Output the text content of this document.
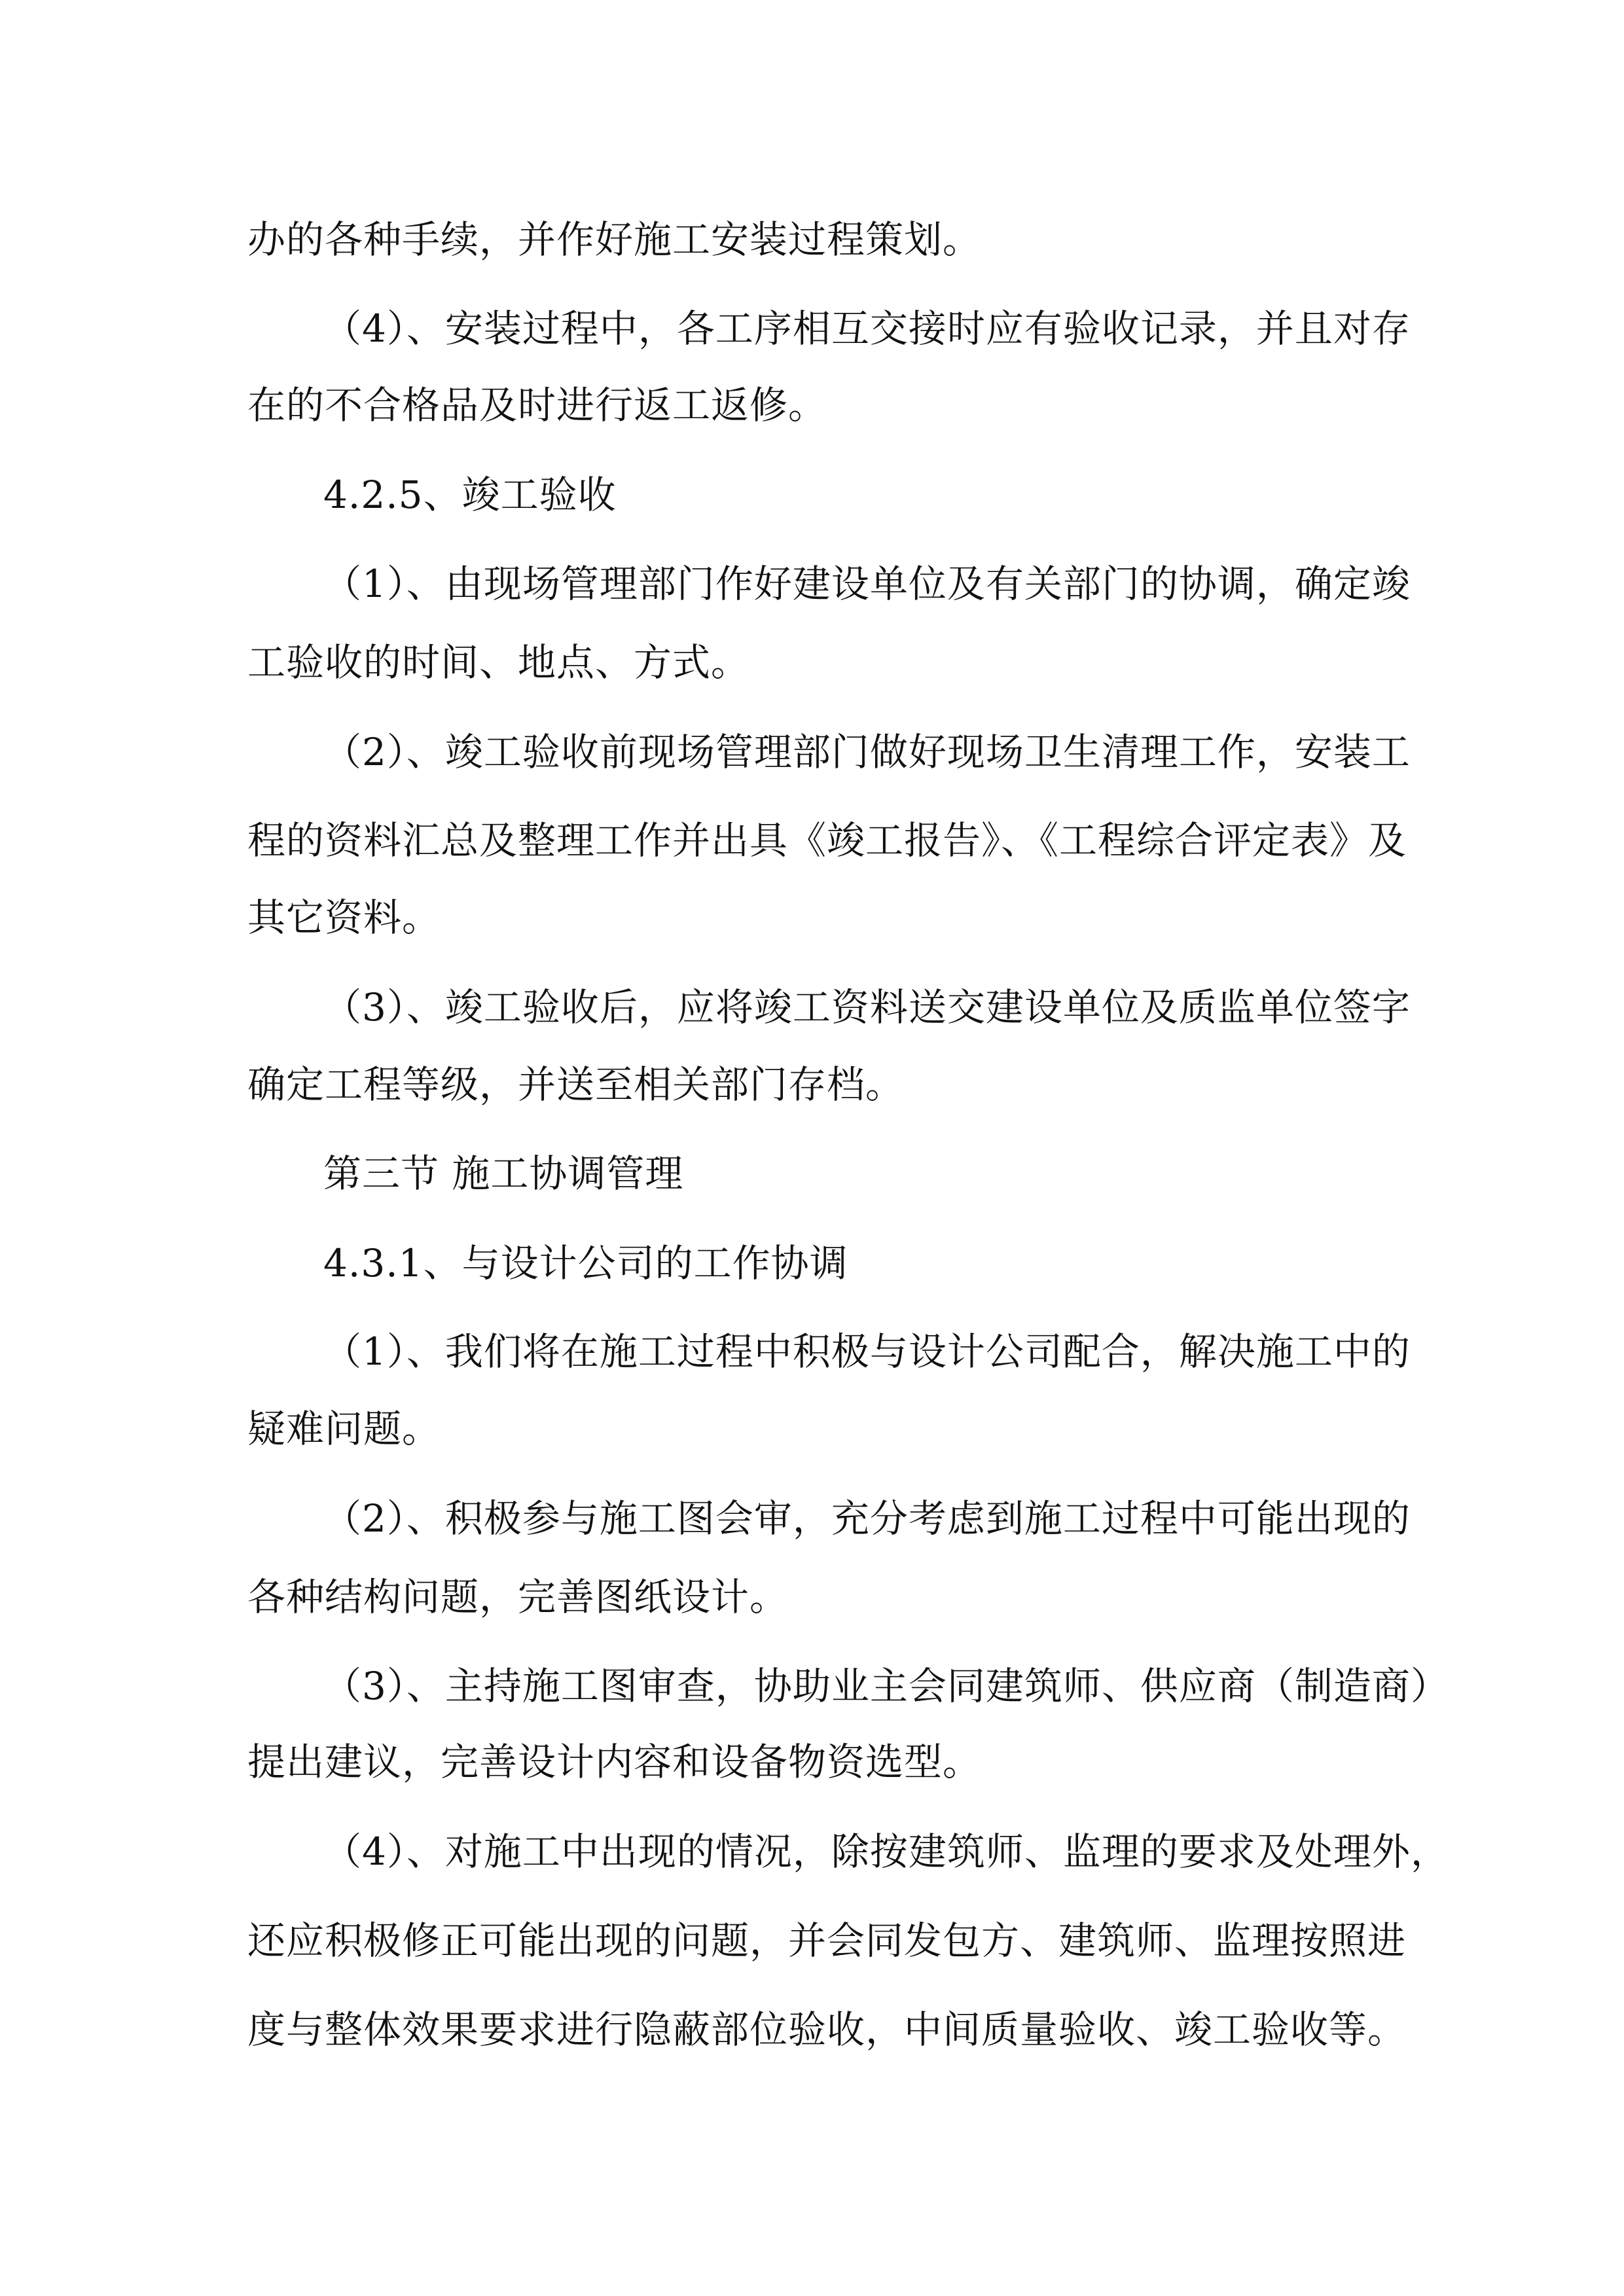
办的各种手续，并作好施工安装过程策划。
（4）、安装过程中，各工序相互交接时应有验收记录，并且对存
在的不合格品及时进行返工返修。
4.2.5、竣工验收
（1）、由现场管理部门作好建设单位及有关部门的协调，确定竣
工验收的时间、地点、方式。
（2）、竣工验收前现场管理部门做好现场卫生清理工作，安装工
程的资料汇总及整理工作并出具《竣工报告》、《工程综合评定表》及
其它资料。
（3）、竣工验收后，应将竣工资料送交建设单位及质监单位签字
确定工程等级，并送至相关部门存档。
第三节 施工协调管理
4.3.1、与设计公司的工作协调
（1）、我们将在施工过程中积极与设计公司配合，解决施工中的
疑难问题。
（2）、积极参与施工图会审，充分考虑到施工过程中可能出现的
各种结构问题，完善图纸设计。
（3）、主持施工图审查，协助业主会同建筑师、供应商（制造商）
提出建议，完善设计内容和设备物资选型。
（4）、对施工中出现的情况，除按建筑师、监理的要求及处理外，
还应积极修正可能出现的问题，并会同发包方、建筑师、监理按照进
度与整体效果要求进行隐蔽部位验收，中间质量验收、竣工验收等。
